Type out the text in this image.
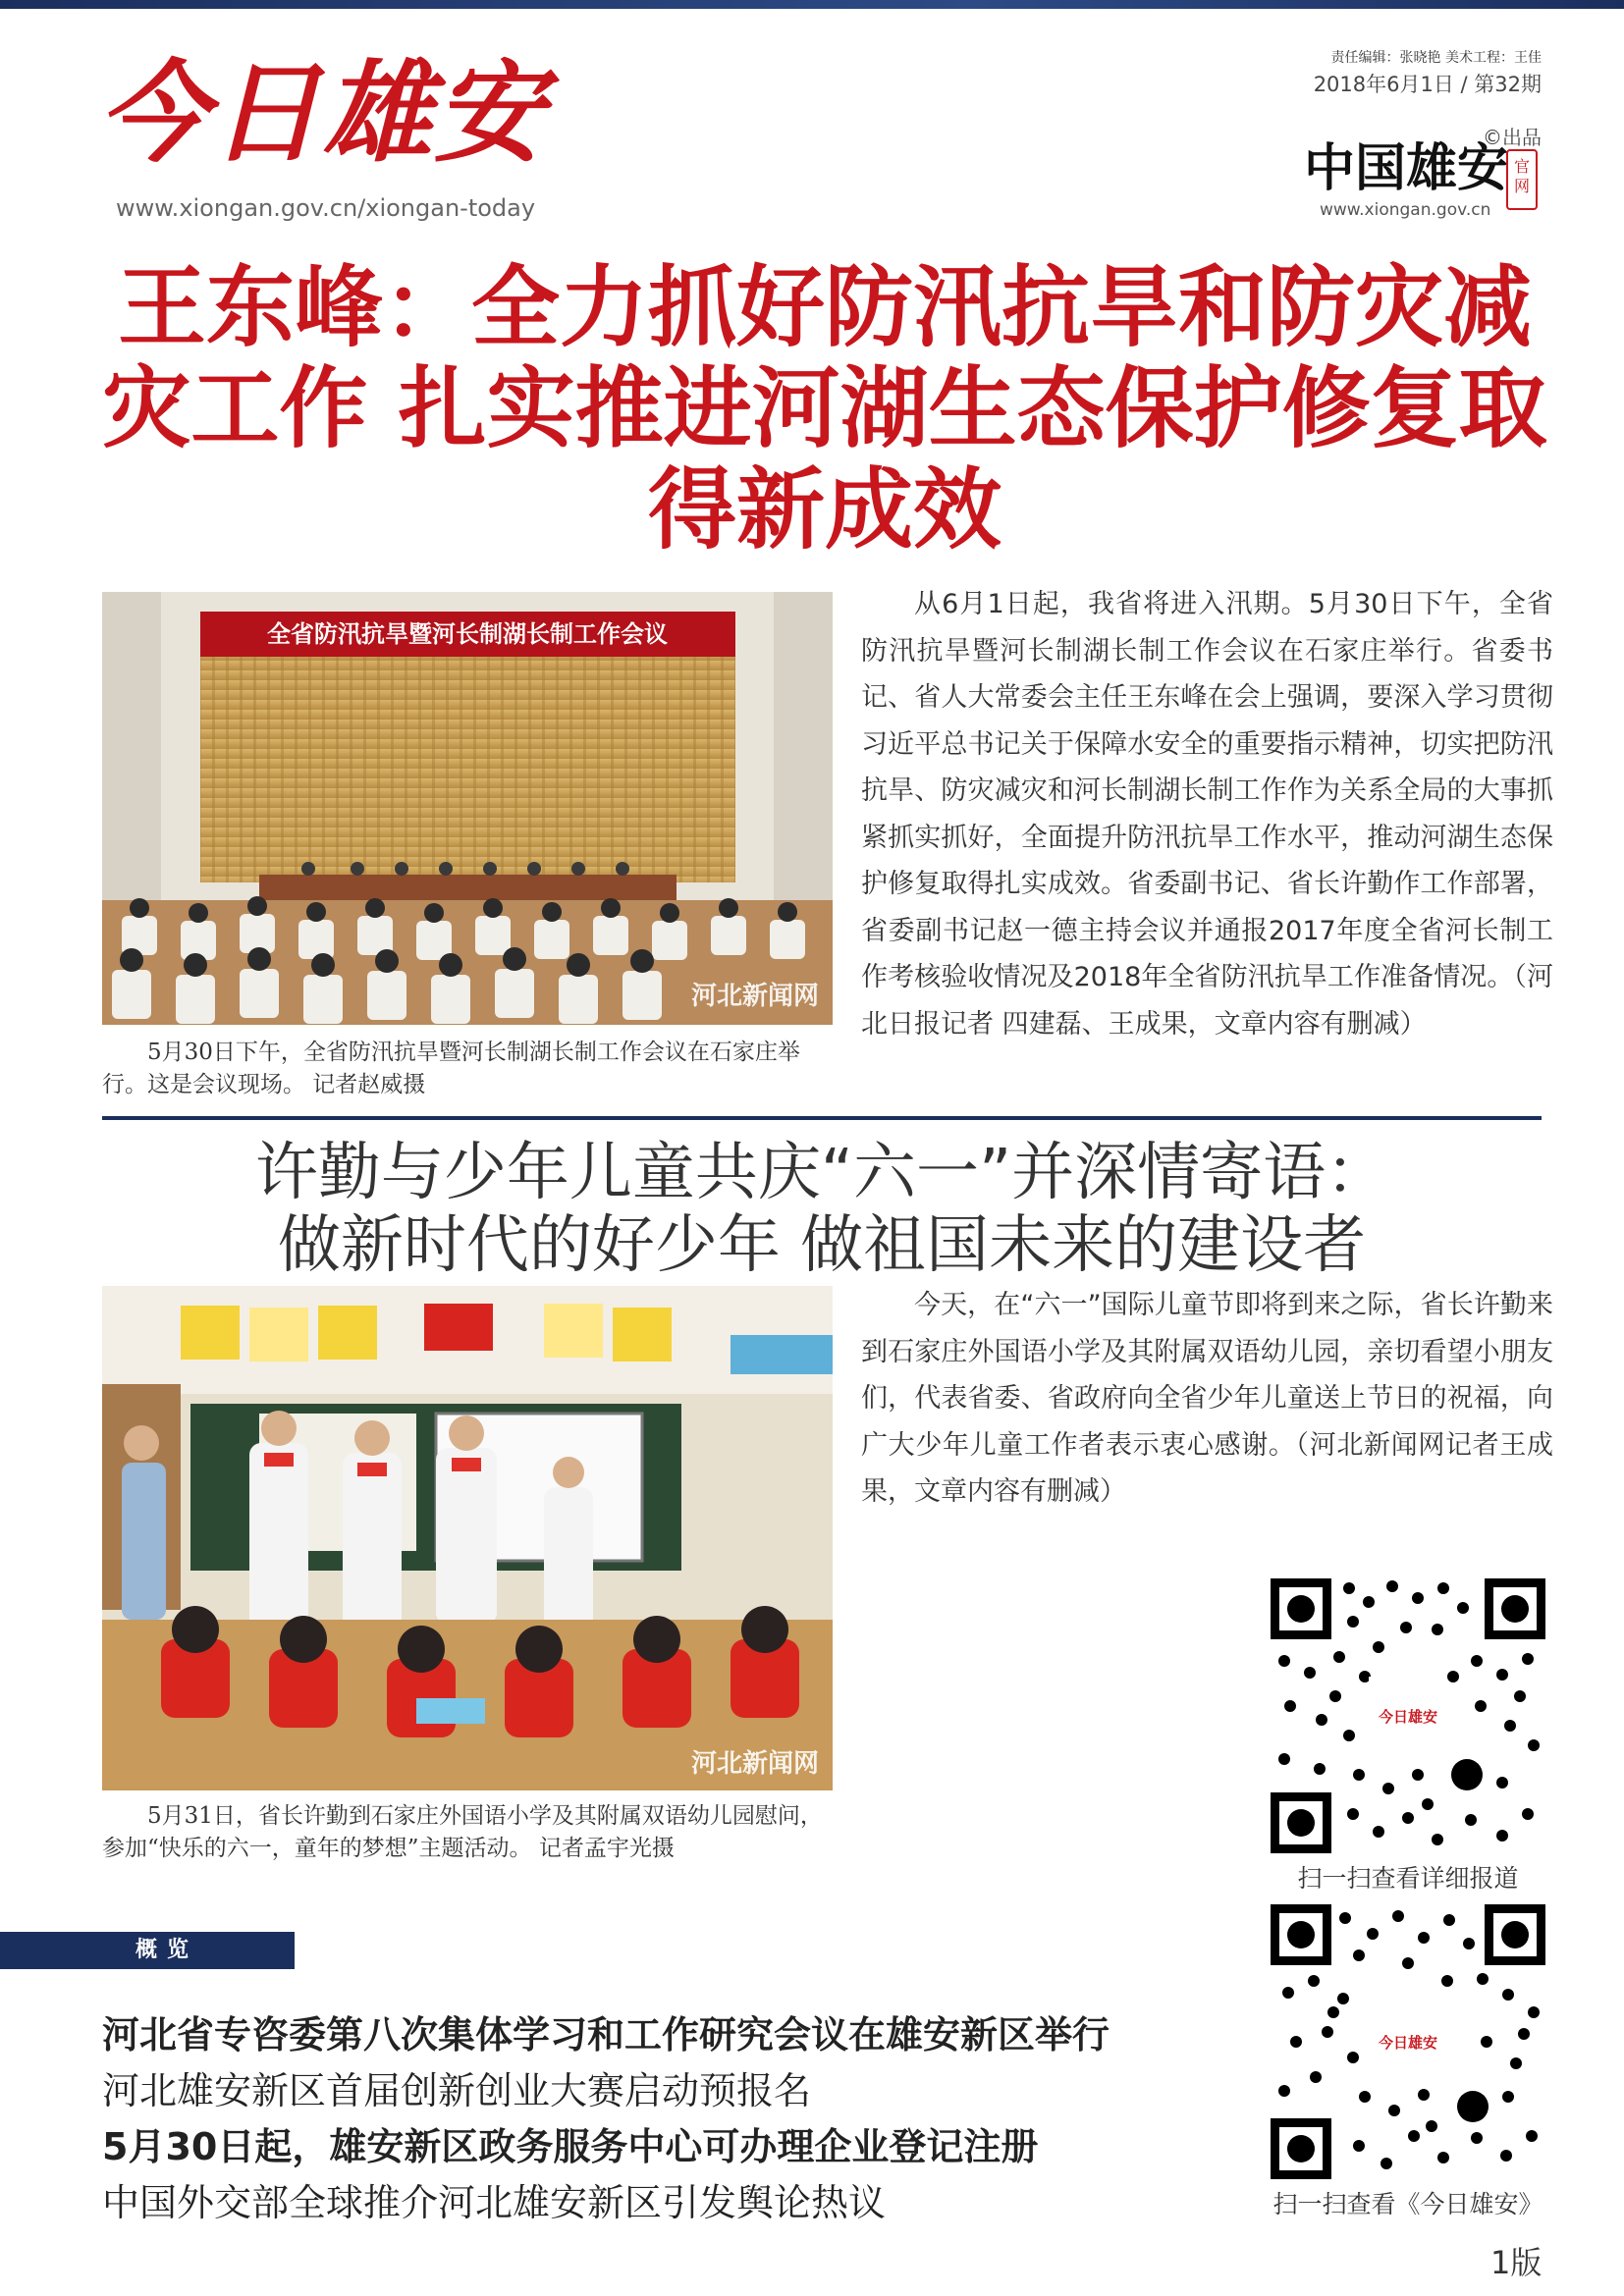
今日雄安
www.xiongan.gov.cn/xiongan-today
责任编辑：张晓艳 美术工程：王佳
2018年6月1日 / 第32期
©出品
中国雄安 官网
www.xiongan.gov.cn
王东峰：全力抓好防汛抗旱和防灾减灾工作 扎实推进河湖生态保护修复取得新成效
全省防汛抗旱暨河长制湖长制工作会议
河北新闻网
5月30日下午，全省防汛抗旱暨河长制湖长制工作会议在石家庄举行。这是会议现场。 记者赵威摄
从6月1日起，我省将进入汛期。5月30日下午，全省防汛抗旱暨河长制湖长制工作会议在石家庄举行。省委书记、省人大常委会主任王东峰在会上强调，要深入学习贯彻习近平总书记关于保障水安全的重要指示精神，切实把防汛抗旱、防灾减灾和河长制湖长制工作作为关系全局的大事抓紧抓实抓好，全面提升防汛抗旱工作水平，推动河湖生态保护修复取得扎实成效。省委副书记、省长许勤作工作部署，省委副书记赵一德主持会议并通报2017年度全省河长制工作考核验收情况及2018年全省防汛抗旱工作准备情况。（河北日报记者 四建磊、王成果，文章内容有删减）
许勤与少年儿童共庆“六一”并深情寄语：
做新时代的好少年 做祖国未来的建设者
河北新闻网
5月31日，省长许勤到石家庄外国语小学及其附属双语幼儿园慰问，参加“快乐的六一，童年的梦想”主题活动。 记者孟宇光摄
今天，在“六一”国际儿童节即将到来之际，省长许勤来到石家庄外国语小学及其附属双语幼儿园，亲切看望小朋友们，代表省委、省政府向全省少年儿童送上节日的祝福，向广大少年儿童工作者表示衷心感谢。（河北新闻网记者王成果，文章内容有删减）
概览
河北省专咨委第八次集体学习和工作研究会议在雄安新区举行
河北雄安新区首届创新创业大赛启动预报名
5月30日起，雄安新区政务服务中心可办理企业登记注册
中国外交部全球推介河北雄安新区引发舆论热议
今日雄安
扫一扫查看详细报道
今日雄安
扫一扫查看《今日雄安》
1版
